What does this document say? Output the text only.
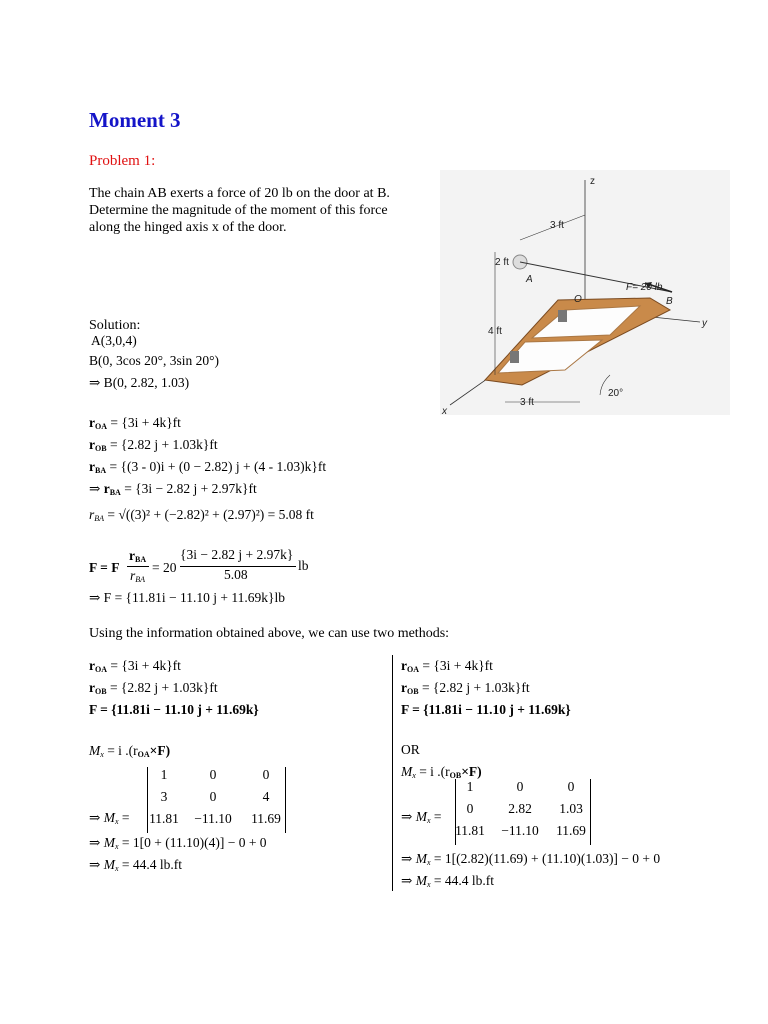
Moment 3
Problem 1:
The chain AB exerts a force of 20 lb on the door at B.
Determine the magnitude of the moment of this force
along the hinged axis x of the door.
z
3 ft
2 ft
A
F= 20 lb
B
O
4 ft
y
3 ft
x
20°
Solution:
A(3,0,4)
B(0, 3cos 20°, 3sin 20°)
⇒ B(0, 2.82, 1.03)
$r_{OA} = \{3i + 4k\}ft$
$r_{OB} = \{2.82$ j + 1.03k}ft
$r_{BA} = \{(3 - 0)i + (0 - 2.82) j + (4 - 1.03)k\}ft$
⇒ $r_{BA} = \{3i - 2.82$ j + 2.97k}ft
$r_{BA} = √((3)^2 + (-2.82)^2 + (2.97)^2) = 5.08$ ft
F = F
$r_{BA}$
$r_{BA}$
= 20
{3i − 2.82 j + 2.97k}
5.08
lb
⇒ F = {11.81i − 11.10 j + 11.69k}lb
Using the information obtained above, we can use two methods:
$r_{OA} = \{3i + 4k\}ft$
$r_{OB} = \{2.82$ j + 1.03k}ft
F = {11.81i − 11.10 j + 11.69k}
$M_x = i$ $.(r_{OA}\times F)$
⇒ $M_x$ =
1	0	0
3	0	4
11.81	−11.10	11.69
⇒ $M_x = 1[0 + (11.10)(4)] - 0 + 0$
⇒ $M_x = 44.4$ lb.ft
$r_{OA} = \{3i + 4k\}ft$
$r_{OB} = \{2.82$ j + 1.03k}ft
F = {11.81i − 11.10 j + 11.69k}
OR
$M_x = i$ $.(r_{OB}\times F)$
⇒ $M_x$ =
1	0	0
0	2.82	1.03
11.81	−11.10	11.69
⇒ $M_x = 1[(2.82)(11.69) + (11.10)(1.03)] - 0 + 0$
⇒ $M_x = 44.4$ lb.ft
